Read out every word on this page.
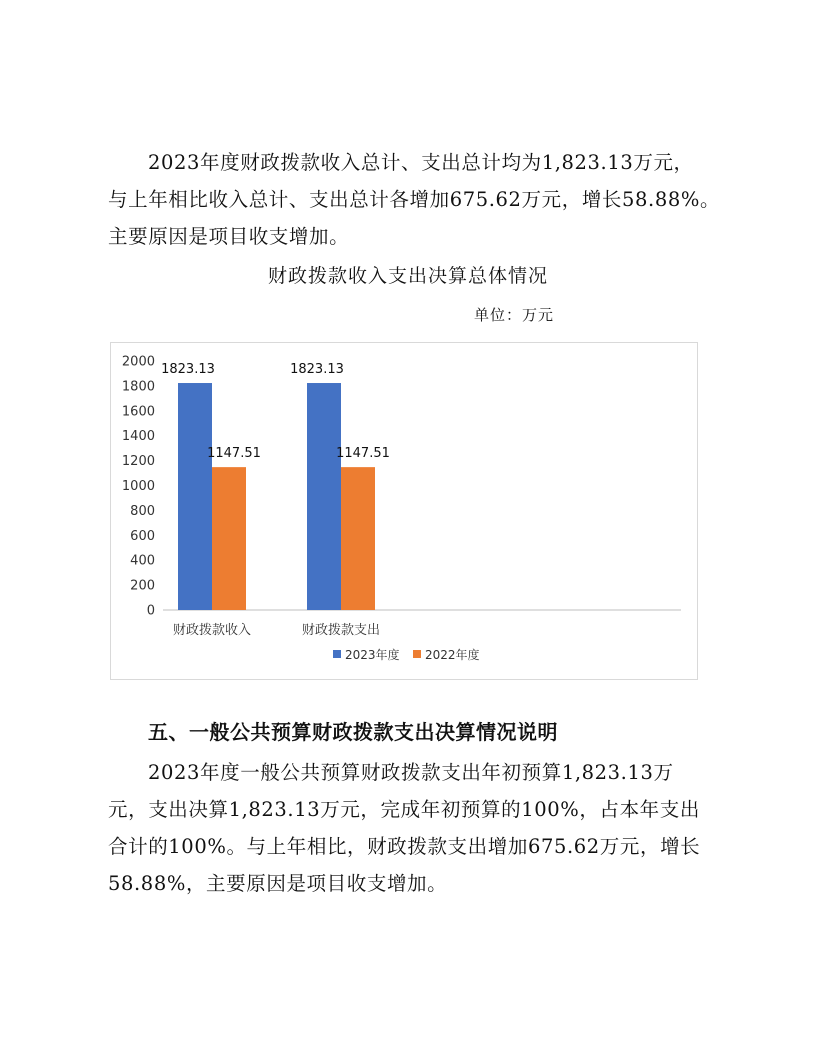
2023年度财政拨款收入总计、支出总计均为1,823.13万元，
与上年相比收入总计、支出总计各增加675.62万元，增长58.88%。
主要原因是项目收支增加。
财政拨款收入支出决算总体情况
单位：万元
0
200
400
600
800
1000
1200
1400
1600
1800
2000
1823.13
1147.51
财政拨款收入
1823.13
1147.51
财政拨款支出
2023年度 2022年度
五、一般公共预算财政拨款支出决算情况说明
2023年度一般公共预算财政拨款支出年初预算1,823.13万
元，支出决算1,823.13万元，完成年初预算的100%，占本年支出
合计的100%。与上年相比，财政拨款支出增加675.62万元，增长
58.88%，主要原因是项目收支增加。
